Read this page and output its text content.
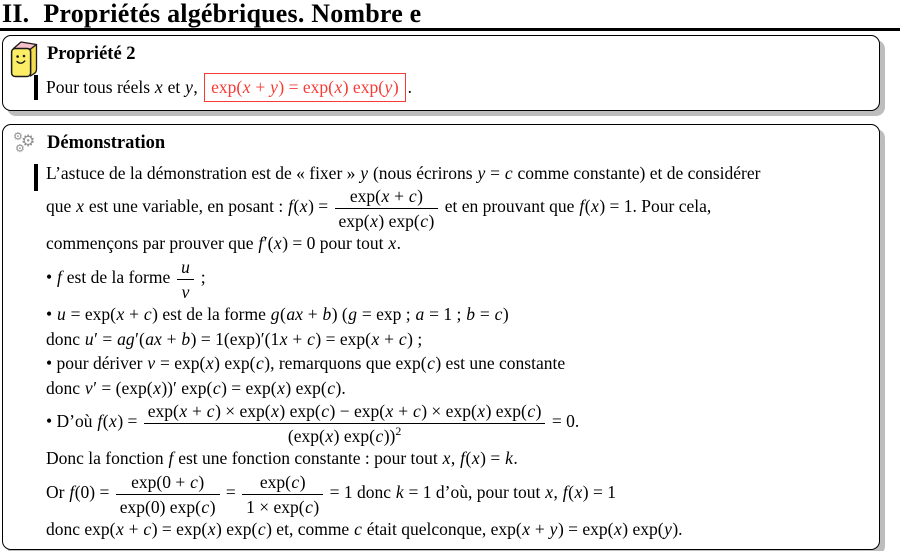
II. Propriétés algébriques. Nombre e
Propriété 2
Pour tous réels x et y, exp(x + y) = exp(x) exp(y) .
⚙
⚙
⚙ Démonstration
L’astuce de la démonstration est de « fixer » y (nous écrirons y = c comme constante) et de considérer
que x est une variable, en posant : $f(x) = \frac{\exp(x + c)}{\exp(x) \exp(c)}$ et en prouvant que f(x) = 1. Pour cela,
commençons par prouver que f′(x) = 0 pour tout x.
• f est de la forme $\frac{u}{v}$ ;
• u = exp(x + c) est de la forme g(ax + b) (g = exp ; a = 1 ; b = c)
donc u′ = ag′(ax + b) = 1(exp)′(1x + c) = exp(x + c) ;
• pour dériver v = exp(x) exp(c), remarquons que exp(c) est une constante
donc v′ = (exp(x))′ exp(c) = exp(x) exp(c).
• D’où $f(x) = \frac{\exp(x + c) \times \exp(x) \exp(c) - \exp(x + c) \times \exp(x) \exp(c)}{(\exp(x) \exp(c))^2} = 0$.
Donc la fonction f est une fonction constante : pour tout x, f(x) = k.
Or $f(0) = \frac{\exp(0 + c)}{\exp(0) \exp(c)} = \frac{\exp(c)}{1 \times \exp(c)} = 1$ donc k = 1 d’où, pour tout x, f(x) = 1
donc exp(x + c) = exp(x) exp(c) et, comme c était quelconque, exp(x + y) = exp(x) exp(y).
